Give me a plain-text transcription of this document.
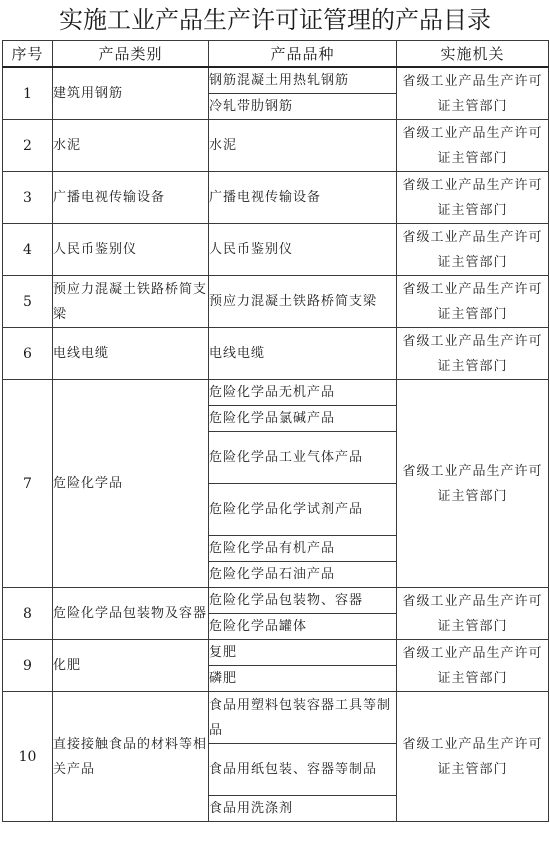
实施工业产品生产许可证管理的产品目录
序号	产品类别	产品品种	实施机关
1	建筑用钢筋	钢筋混凝土用热轧钢筋	省级工业产品生产许可证主管部门
		冷轧带肋钢筋	
2	水泥	水泥	省级工业产品生产许可证主管部门
3	广播电视传输设备	广播电视传输设备	省级工业产品生产许可证主管部门
4	人民币鉴别仪	人民币鉴别仪	省级工业产品生产许可证主管部门
5	预应力混凝土铁路桥简支梁	预应力混凝土铁路桥简支梁	省级工业产品生产许可证主管部门
6	电线电缆	电线电缆	省级工业产品生产许可证主管部门
7	危险化学品	危险化学品无机产品	省级工业产品生产许可证主管部门
		危险化学品氯碱产品	
		危险化学品工业气体产品	
		危险化学品化学试剂产品	
		危险化学品有机产品	
		危险化学品石油产品	
8	危险化学品包装物及容器	危险化学品包装物、容器	省级工业产品生产许可证主管部门
		危险化学品罐体	
9	化肥	复肥	省级工业产品生产许可证主管部门
		磷肥	
10	直接接触食品的材料等相关产品	食品用塑料包装容器工具等制品	省级工业产品生产许可证主管部门
		食品用纸包装、容器等制品	
		食品用洗涤剂	
